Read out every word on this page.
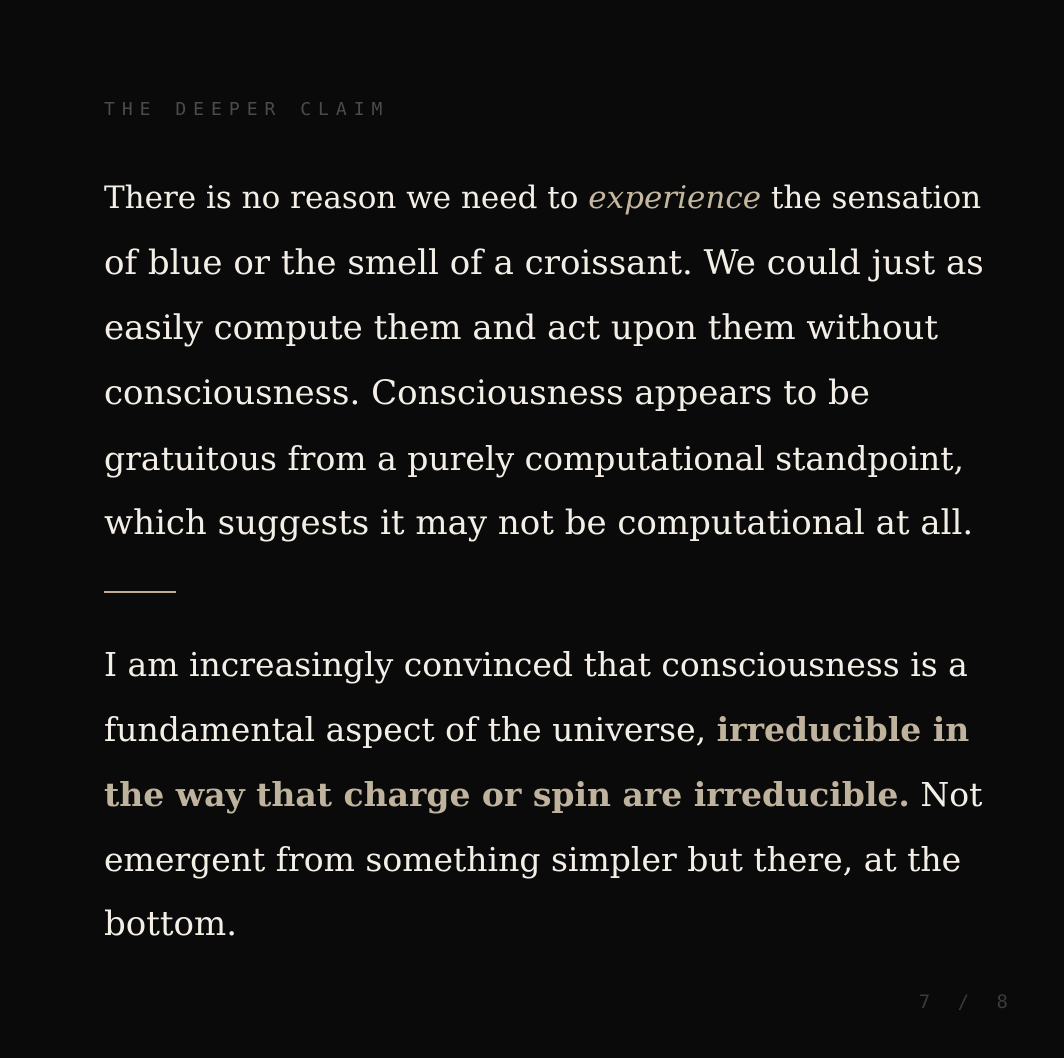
THE DEEPER CLAIM

There is no reason we need to experience the sensation
of blue or the smell of a croissant. We could just as
easily compute them and act upon them without
consciousness. Consciousness appears to be
gratuitous from a purely computational standpoint,
which suggests it may not be computational at all.

I am increasingly convinced that consciousness is a
fundamental aspect of the universe, irreducible in
the way that charge or spin are irreducible. Not
emergent from something simpler but there, at the
bottom.

7 / 8
